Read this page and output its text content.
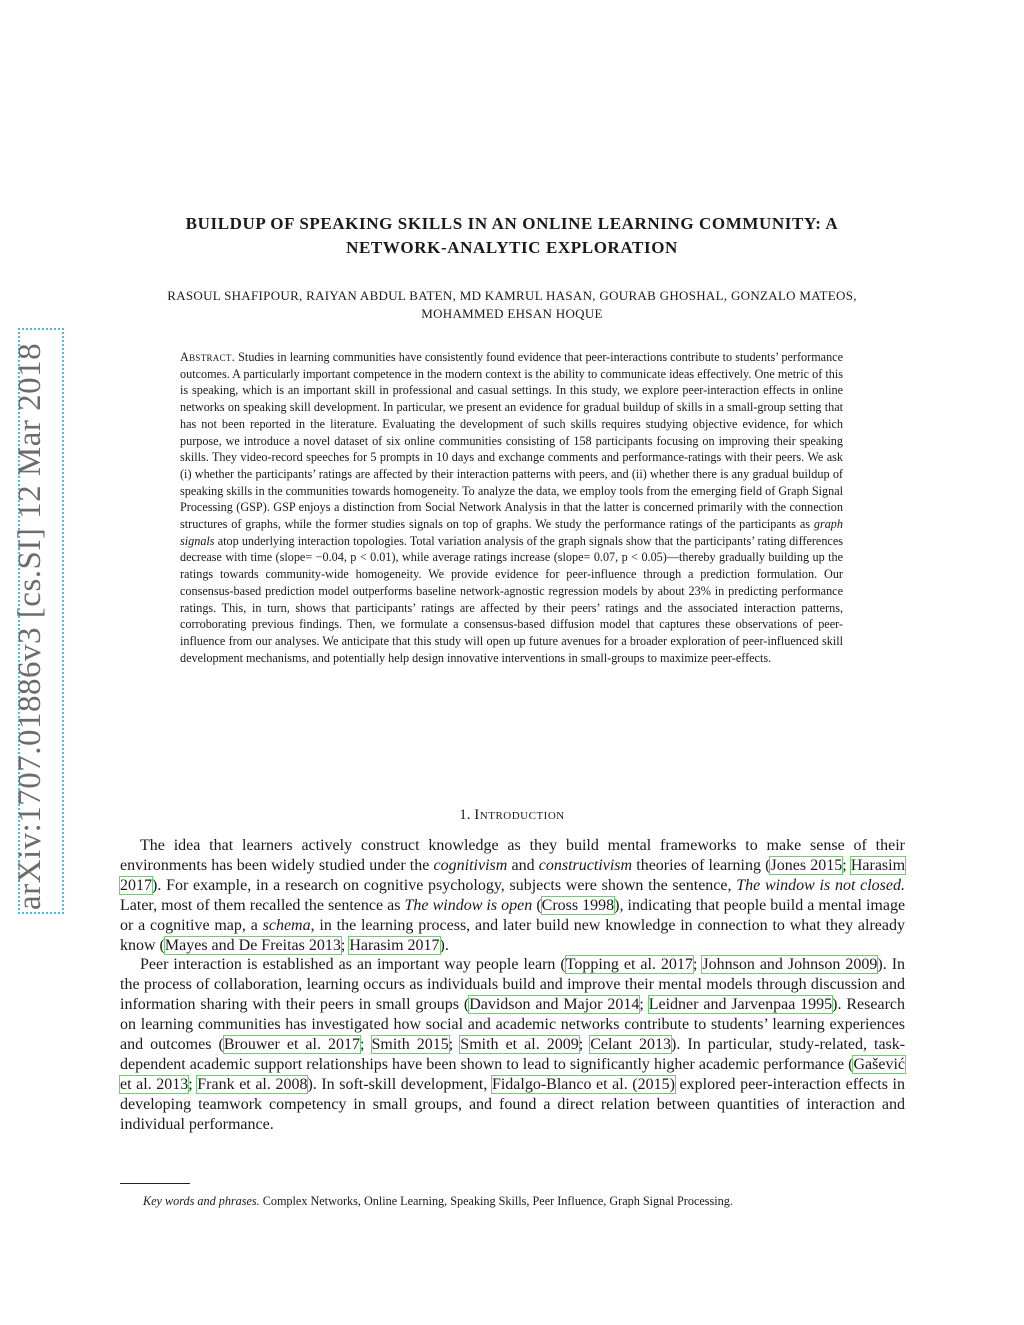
arXiv:1707.01886v3 [cs.SI] 12 Mar 2018
BUILDUP OF SPEAKING SKILLS IN AN ONLINE LEARNING COMMUNITY: A
NETWORK-ANALYTIC EXPLORATION
RASOUL SHAFIPOUR, RAIYAN ABDUL BATEN, MD KAMRUL HASAN, GOURAB GHOSHAL, GONZALO MATEOS,
MOHAMMED EHSAN HOQUE
Abstract. Studies in learning communities have consistently found evidence that peer-interactions contribute to students’ performance outcomes. A particularly important competence in the modern context is the ability to communicate ideas effectively. One metric of this is speaking, which is an important skill in professional and casual settings. In this study, we explore peer-interaction effects in online networks on speaking skill development. In particular, we present an evidence for gradual buildup of skills in a small-group setting that has not been reported in the literature. Evaluating the development of such skills requires studying objective evidence, for which purpose, we introduce a novel dataset of six online communities consisting of 158 participants focusing on improving their speaking skills. They video-record speeches for 5 prompts in 10 days and exchange comments and performance-ratings with their peers. We ask (i) whether the participants’ ratings are affected by their interaction patterns with peers, and (ii) whether there is any gradual buildup of speaking skills in the communities towards homogeneity. To analyze the data, we employ tools from the emerging field of Graph Signal Processing (GSP). GSP enjoys a distinction from Social Network Analysis in that the latter is concerned primarily with the connection structures of graphs, while the former studies signals on top of graphs. We study the performance ratings of the participants as graph signals atop underlying interaction topologies. Total variation analysis of the graph signals show that the participants’ rating differences decrease with time (slope= −0.04, p < 0.01), while average ratings increase (slope= 0.07, p < 0.05)—thereby gradually building up the ratings towards community-wide homogeneity. We provide evidence for peer-influence through a prediction formulation. Our consensus-based prediction model outperforms baseline network-agnostic regression models by about 23% in predicting performance ratings. This, in turn, shows that participants’ ratings are affected by their peers’ ratings and the associated interaction patterns, corroborating previous findings. Then, we formulate a consensus-based diffusion model that captures these observations of peer-influence from our analyses. We anticipate that this study will open up future avenues for a broader exploration of peer-influenced skill development mechanisms, and potentially help design innovative interventions in small-groups to maximize peer-effects.
1. Introduction

The idea that learners actively construct knowledge as they build mental frameworks to make sense of their environments has been widely studied under the cognitivism and constructivism theories of learning (Jones 2015; Harasim 2017). For example, in a research on cognitive psychology, subjects were shown the sentence, The window is not closed. Later, most of them recalled the sentence as The window is open (Cross 1998), indicating that people build a mental image or a cognitive map, a schema, in the learning process, and later build new knowledge in connection to what they already know (Mayes and De Freitas 2013; Harasim 2017).

Peer interaction is established as an important way people learn (Topping et al. 2017; Johnson and Johnson 2009). In the process of collaboration, learning occurs as individuals build and improve their mental models through discussion and information sharing with their peers in small groups (Davidson and Major 2014; Leidner and Jarvenpaa 1995). Research on learning communities has investigated how social and academic networks contribute to students’ learning experiences and outcomes (Brouwer et al. 2017; Smith 2015; Smith et al. 2009; Celant 2013). In particular, study-related, task-dependent academic support relationships have been shown to lead to significantly higher academic performance (Gašević et al. 2013; Frank et al. 2008). In soft-skill development, Fidalgo-Blanco et al. (2015) explored peer-interaction effects in developing teamwork competency in small groups, and found a direct relation between quantities of interaction and individual performance.

Key words and phrases. Complex Networks, Online Learning, Speaking Skills, Peer Influence, Graph Signal Processing.
